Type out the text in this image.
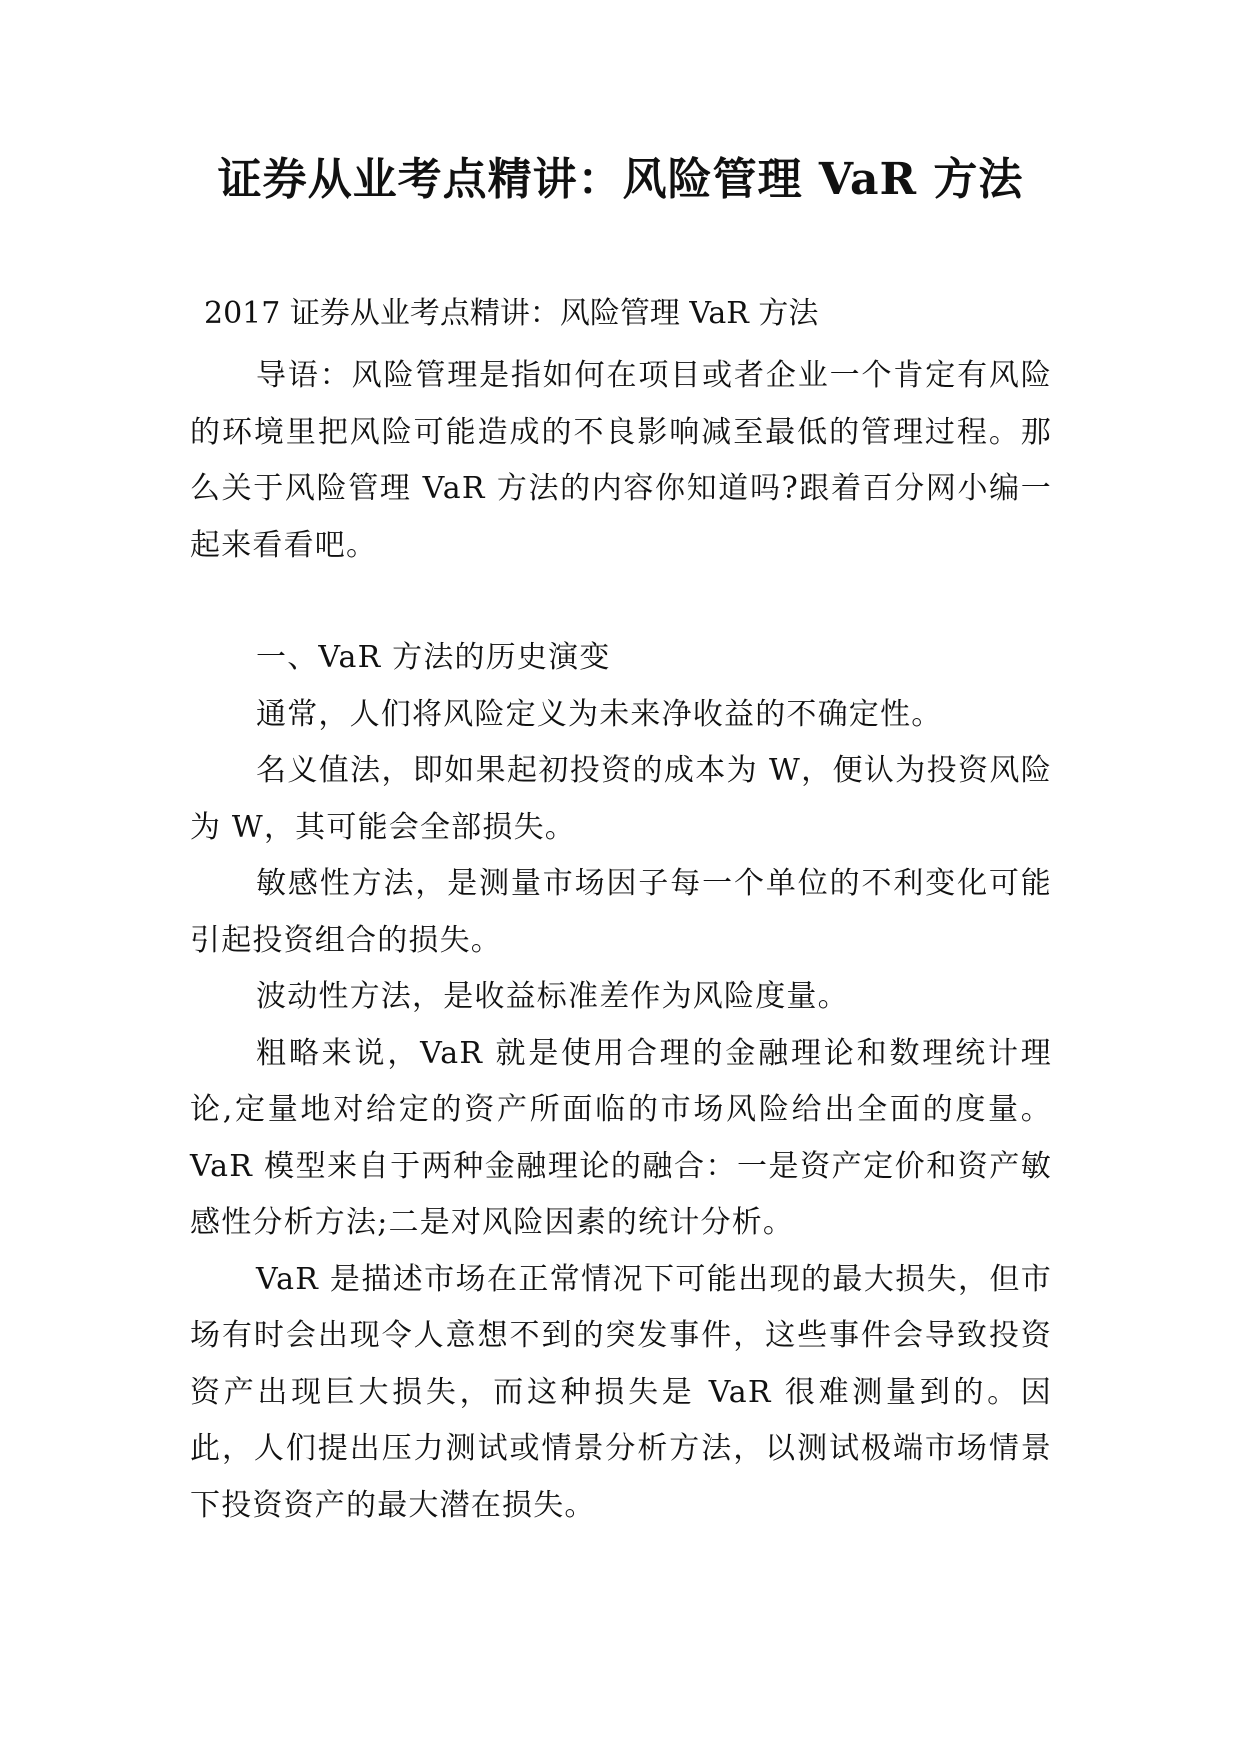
证券从业考点精讲：风险管理 VaR 方法

2017 证券从业考点精讲：风险管理 VaR 方法

导语：风险管理是指如何在项目或者企业一个肯定有风险的环境里把风险可能造成的不良影响减至最低的管理过程。那么关于风险管理 VaR 方法的内容你知道吗?跟着百分网小编一起来看看吧。

一、VaR 方法的历史演变

通常，人们将风险定义为未来净收益的不确定性。

名义值法，即如果起初投资的成本为 W，便认为投资风险为 W，其可能会全部损失。

敏感性方法，是测量市场因子每一个单位的不利变化可能引起投资组合的损失。

波动性方法，是收益标准差作为风险度量。

粗略来说，VaR 就是使用合理的金融理论和数理统计理论,定量地对给定的资产所面临的市场风险给出全面的度量。VaR 模型来自于两种金融理论的融合：一是资产定价和资产敏感性分析方法;二是对风险因素的统计分析。

VaR 是描述市场在正常情况下可能出现的最大损失，但市场有时会出现令人意想不到的突发事件，这些事件会导致投资资产出现巨大损失，而这种损失是 VaR 很难测量到的。因此，人们提出压力测试或情景分析方法，以测试极端市场情景下投资资产的最大潜在损失。
